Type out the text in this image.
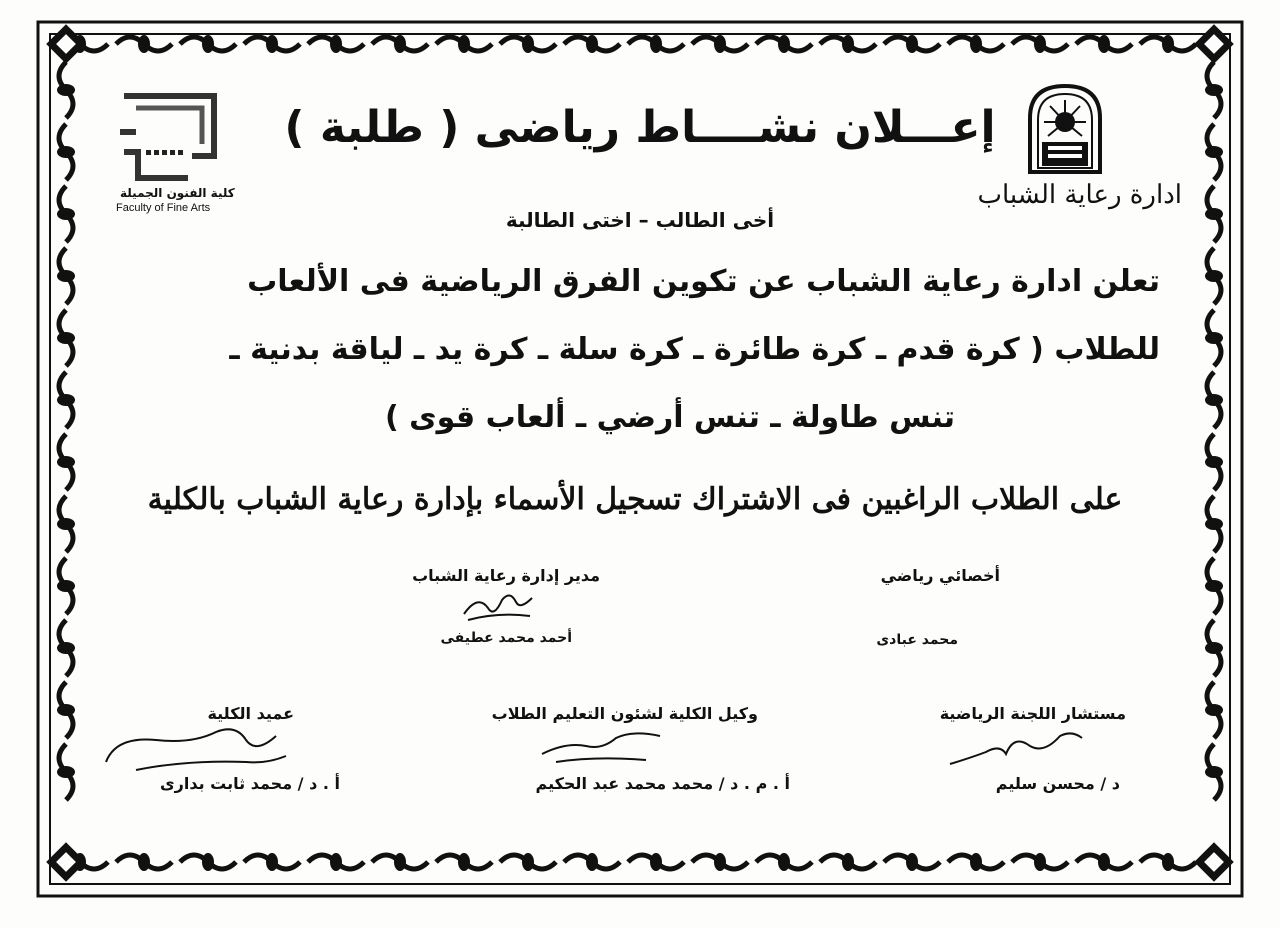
ادارة رعاية الشباب
كلية الفنون الجميلة
Faculty of Fine Arts
إعـــلان نشــــاط رياضى ( طلبة )
أخى الطالب – اختى الطالبة
تعلن ادارة رعاية الشباب عن تكوين الفرق الرياضية فى الألعاب
للطلاب ( كرة قدم ـ كرة طائرة ـ كرة سلة ـ كرة يد ـ لياقة بدنية ـ
تنس طاولة ـ تنس أرضي ـ ألعاب قوى )
على الطلاب الراغبين فى الاشتراك تسجيل الأسماء بإدارة رعاية الشباب بالكلية
أخصائي رياضي
محمد عبادى
مدير إدارة رعاية الشباب
أحمد محمد عطيفى
مستشار اللجنة الرياضية
د / محسن سليم
وكيل الكلية لشئون التعليم الطلاب
أ . م . د / محمد محمد عبد الحكيم
عميد الكلية
أ . د / محمد ثابت بدارى
